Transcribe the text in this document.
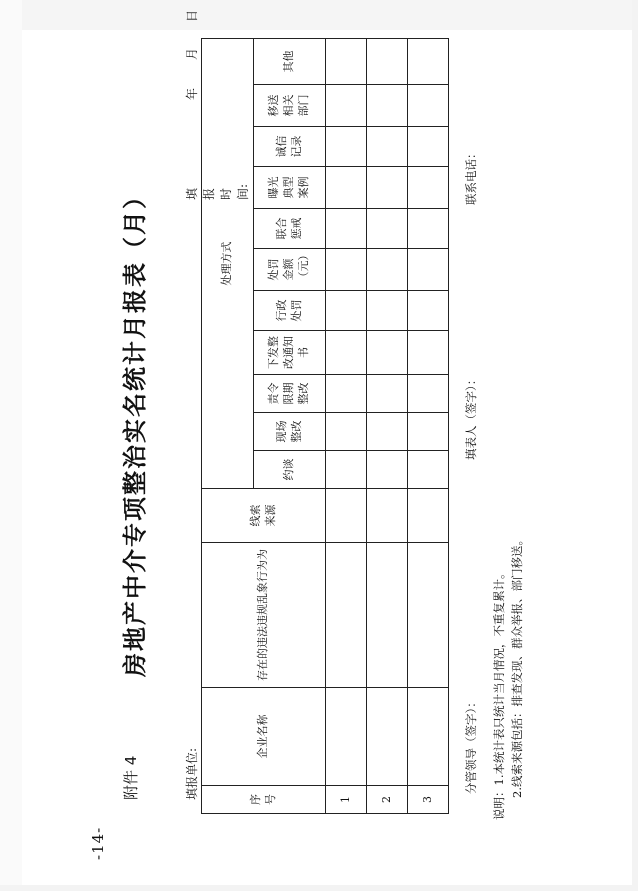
-14-
附件 4
房地产中介专项整治实名统计月报表（月）
填报单位:
填报时间:
年
月
日
序号	企业名称	存在的违法违规乱象行为为	线索来源	处理方式										
				约谈	现场整改	责令限期整改	下发整改通知书	行政处罚	处罚金额（元）	联合惩戒	曝光典型案例	诚信记录	移送相关部门	其他
1														
2														
3														
分管领导（签字）：
填表人（签字）：
联系电话：
说明：1.本统计表只统计当月情况，不重复累计。 2.线索来源包括：排查发现、群众举报、部门移送。
